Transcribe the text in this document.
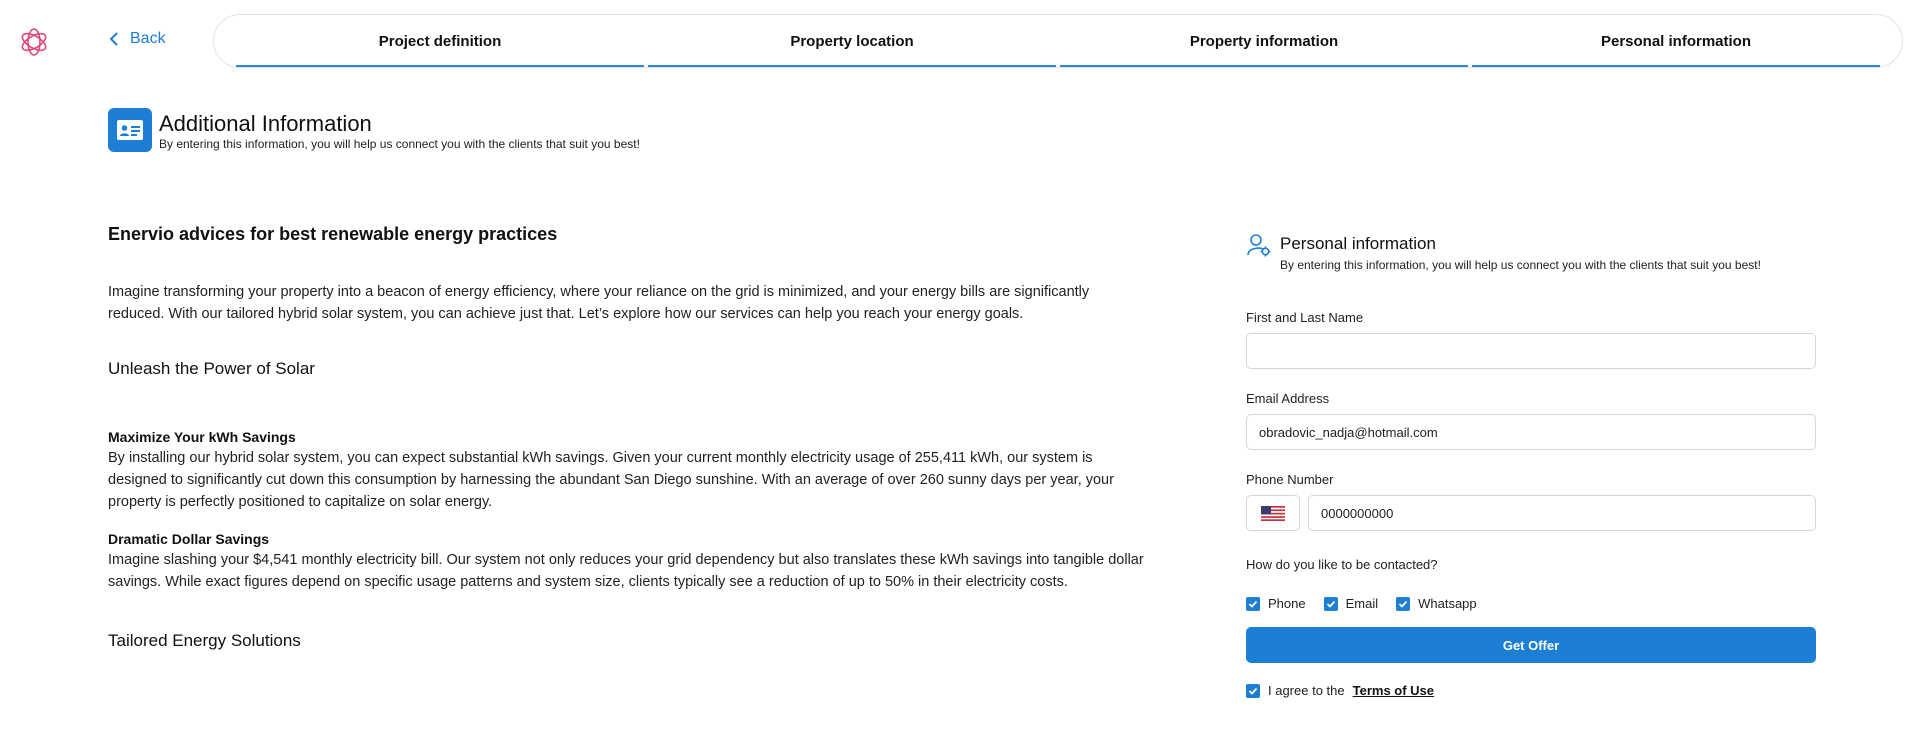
Back	Project definition	Property location	Property information	Personal information
Additional Information
By entering this information, you will help us connect you with the clients that suit you best!
Enervio advices for best renewable energy practices

Imagine transforming your property into a beacon of energy efficiency, where your reliance on the grid is minimized, and your energy bills are significantly reduced. With our tailored hybrid solar system, you can achieve just that. Let’s explore how our services can help you reach your energy goals.

Unleash the Power of Solar
Maximize Your kWh Savings

By installing our hybrid solar system, you can expect substantial kWh savings. Given your current monthly electricity usage of 255,411 kWh, our system is designed to significantly cut down this consumption by harnessing the abundant San Diego sunshine. With an average of over 260 sunny days per year, your property is perfectly positioned to capitalize on solar energy.

Dramatic Dollar Savings

Imagine slashing your $4,541 monthly electricity bill. Our system not only reduces your grid dependency but also translates these kWh savings into tangible dollar savings. While exact figures depend on specific usage patterns and system size, clients typically see a reduction of up to 50% in their electricity costs.

Tailored Energy Solutions
Personal information
By entering this information, you will help us connect you with the clients that suit you best!
First and Last Name
Email Address
obradovic_nadja@hotmail.com
Phone Number
0000000000
How do you like to be contacted?
Phone	Email	Whatsapp
Get Offer
I agree to the Terms of Use
